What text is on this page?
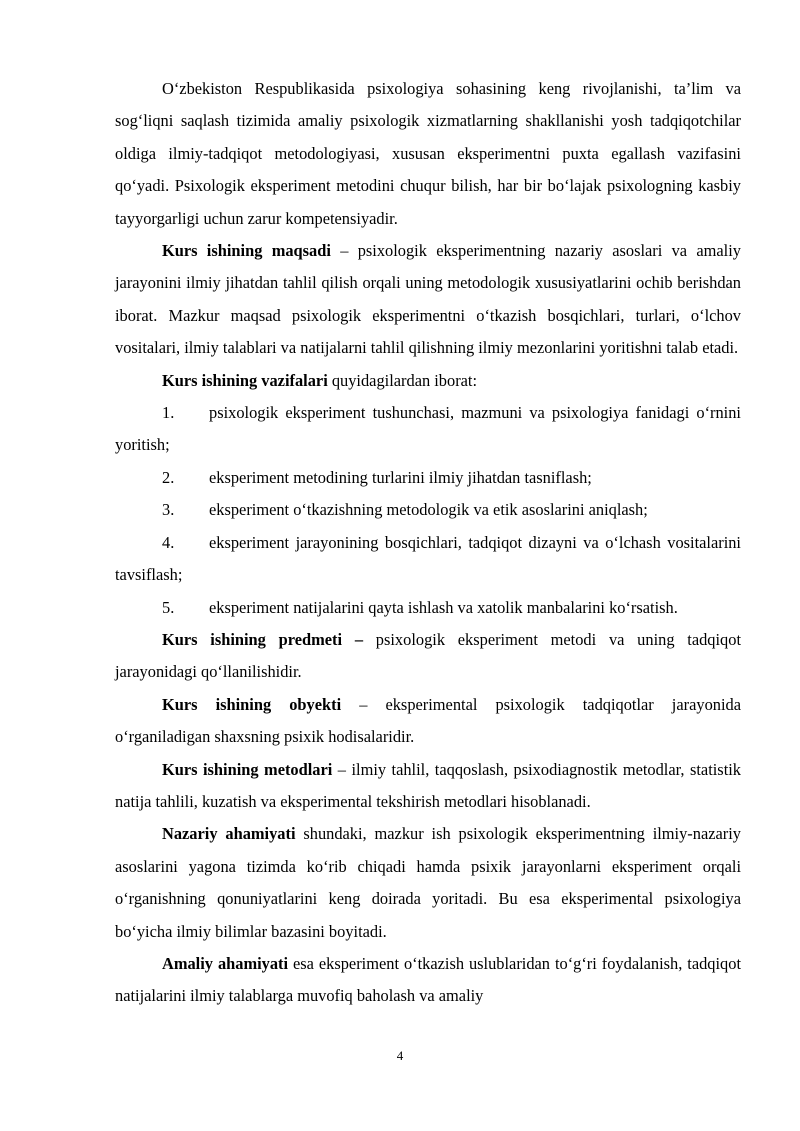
O‘zbekiston Respublikasida psixologiya sohasining keng rivojlanishi, ta’lim va sog‘liqni saqlash tizimida amaliy psixologik xizmatlarning shakllanishi yosh tadqiqotchilar oldiga ilmiy-tadqiqot metodologiyasi, xususan eksperimentni puxta egallash vazifasini qo‘yadi. Psixologik eksperiment metodini chuqur bilish, har bir bo‘lajak psixologning kasbiy tayyorgarligi uchun zarur kompetensiyadir.

Kurs ishining maqsadi – psixologik eksperimentning nazariy asoslari va amaliy jarayonini ilmiy jihatdan tahlil qilish orqali uning metodologik xususiyatlarini ochib berishdan iborat. Mazkur maqsad psixologik eksperimentni o‘tkazish bosqichlari, turlari, o‘lchov vositalari, ilmiy talablari va natijalarni tahlil qilishning ilmiy mezonlarini yoritishni talab etadi.

Kurs ishining vazifalari quyidagilardan iborat:

1. psixologik eksperiment tushunchasi, mazmuni va psixologiya fanidagi o‘rnini yoritish;

2. eksperiment metodining turlarini ilmiy jihatdan tasniflash;

3. eksperiment o‘tkazishning metodologik va etik asoslarini aniqlash;

4. eksperiment jarayonining bosqichlari, tadqiqot dizayni va o‘lchash vositalarini tavsiflash;

5. eksperiment natijalarini qayta ishlash va xatolik manbalarini ko‘rsatish.

Kurs ishining predmeti – psixologik eksperiment metodi va uning tadqiqot jarayonidagi qo‘llanilishidir.

Kurs ishining obyekti – eksperimental psixologik tadqiqotlar jarayonida o‘rganiladigan shaxsning psixik hodisalaridir.

Kurs ishining metodlari – ilmiy tahlil, taqqoslash, psixodiagnostik metodlar, statistik natija tahlili, kuzatish va eksperimental tekshirish metodlari hisoblanadi.

Nazariy ahamiyati shundaki, mazkur ish psixologik eksperimentning ilmiy-nazariy asoslarini yagona tizimda ko‘rib chiqadi hamda psixik jarayonlarni eksperiment orqali o‘rganishning qonuniyatlarini keng doirada yoritadi. Bu esa eksperimental psixologiya bo‘yicha ilmiy bilimlar bazasini boyitadi.

Amaliy ahamiyati esa eksperiment o‘tkazish uslublaridan to‘g‘ri foydalanish, tadqiqot natijalarini ilmiy talablarga muvofiq baholash va amaliy

4
